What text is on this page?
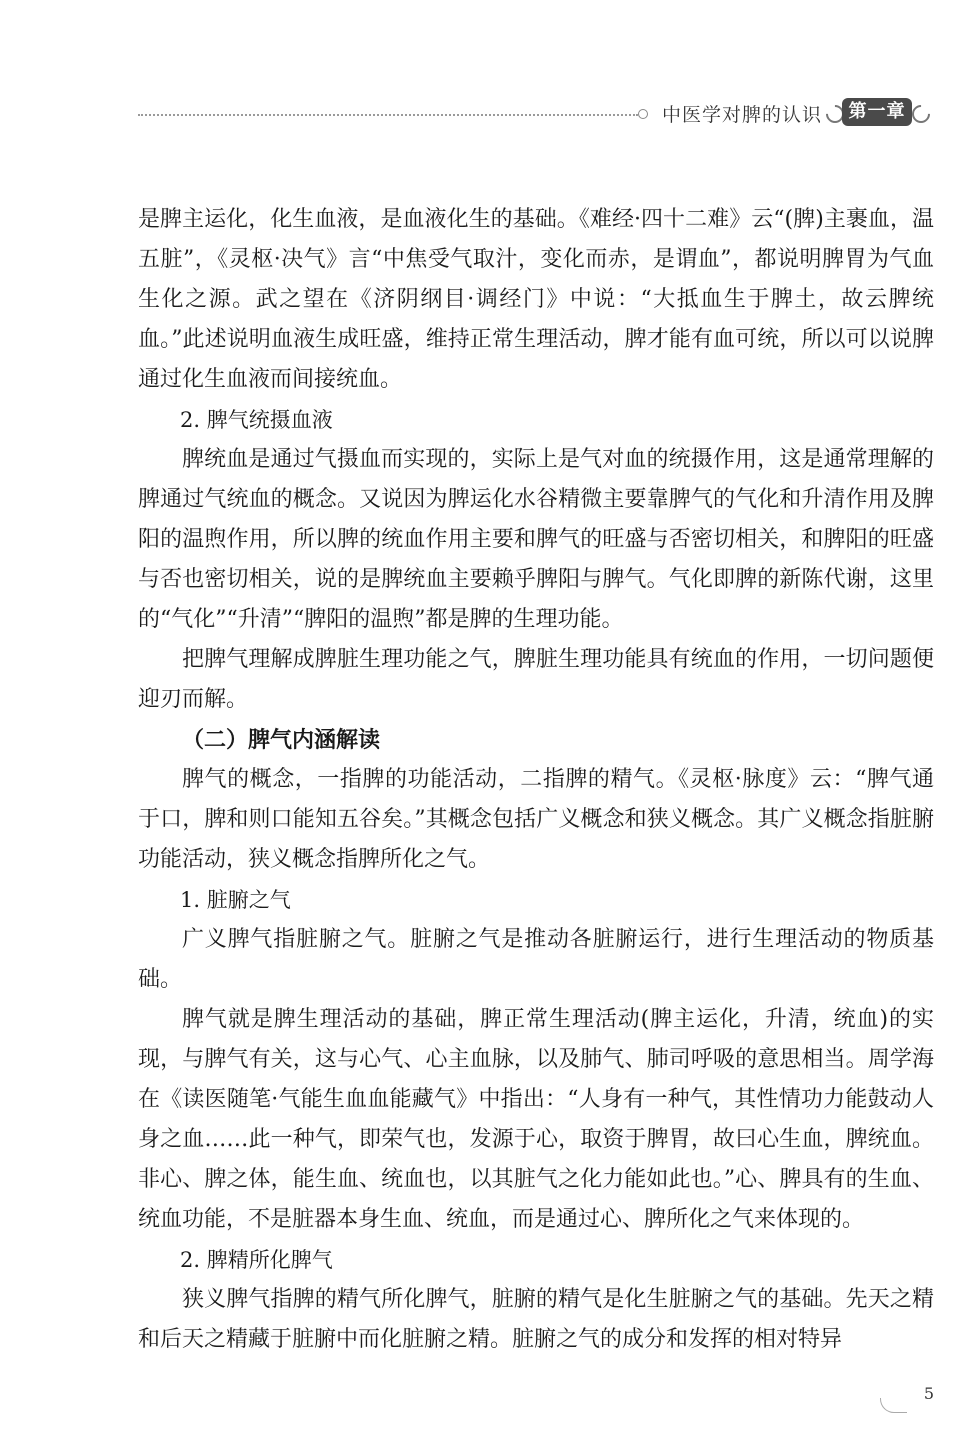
中医学对脾的认识	第一章

是脾主运化，化生血液，是血液化生的基础。《难经·四十二难》云“(脾)主裹血，温五脏”，《灵枢·决气》言“中焦受气取汁，变化而赤，是谓血”，都说明脾胃为气血生化之源。武之望在《济阴纲目·调经门》中说：“大抵血生于脾土，故云脾统血。”此述说明血液生成旺盛，维持正常生理活动，脾才能有血可统，所以可以说脾通过化生血液而间接统血。

2. 脾气统摄血液

脾统血是通过气摄血而实现的，实际上是气对血的统摄作用，这是通常理解的脾通过气统血的概念。又说因为脾运化水谷精微主要靠脾气的气化和升清作用及脾阳的温煦作用，所以脾的统血作用主要和脾气的旺盛与否密切相关，和脾阳的旺盛与否也密切相关，说的是脾统血主要赖乎脾阳与脾气。气化即脾的新陈代谢，这里的“气化”“升清”“脾阳的温煦”都是脾的生理功能。

把脾气理解成脾脏生理功能之气，脾脏生理功能具有统血的作用，一切问题便迎刃而解。

（二）脾气内涵解读

脾气的概念，一指脾的功能活动，二指脾的精气。《灵枢·脉度》云：“脾气通于口，脾和则口能知五谷矣。”其概念包括广义概念和狭义概念。其广义概念指脏腑功能活动，狭义概念指脾所化之气。

1. 脏腑之气

广义脾气指脏腑之气。脏腑之气是推动各脏腑运行，进行生理活动的物质基础。

脾气就是脾生理活动的基础，脾正常生理活动(脾主运化，升清，统血)的实现，与脾气有关，这与心气、心主血脉，以及肺气、肺司呼吸的意思相当。周学海在《读医随笔·气能生血血能藏气》中指出：“人身有一种气，其性情功力能鼓动人身之血……此一种气，即荣气也，发源于心，取资于脾胃，故曰心生血，脾统血。非心、脾之体，能生血、统血也，以其脏气之化力能如此也。”心、脾具有的生血、统血功能，不是脏器本身生血、统血，而是通过心、脾所化之气来体现的。

2. 脾精所化脾气

狭义脾气指脾的精气所化脾气，脏腑的精气是化生脏腑之气的基础。先天之精和后天之精藏于脏腑中而化脏腑之精。脏腑之气的成分和发挥的相对特异

5
